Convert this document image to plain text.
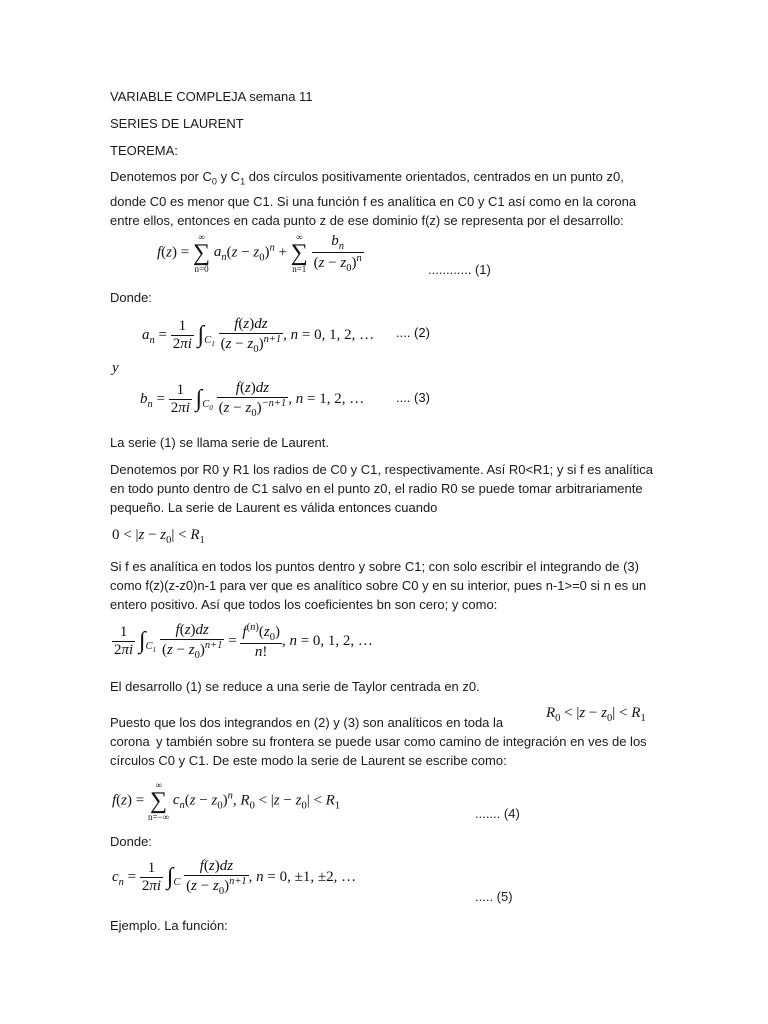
VARIABLE COMPLEJA semana 11

SERIES DE LAURENT

TEOREMA:

Denotemos por $C_0$ y $C_1$ dos círculos positivamente orientados, centrados en un punto z0, donde C0 es menor que C1. Si una función f es analítica en C0 y C1 así como en la corona entre ellos, entonces en cada punto z de ese dominio f(z) se representa por el desarrollo:

f(z) =
∞
∑
n=0
$a_n(z - z_0)^n$ +
∞
∑
n=1
$\frac{b_n}{(z - z_0)^n}$	............ (1)

Donde:

$a_n = \frac{1}{2\pi i} \int_{C_1} \frac{f(z)dz}{(z - z_0)^{n+1}}$ , n = 0, 1, 2, … .... (2)
y
$b_n = \frac{1}{2\pi i} \int_{C_0} \frac{f(z)dz}{(z - z_0)^{-n+1}}$ , n = 1, 2, … .... (3)

La serie (1) se llama serie de Laurent.

Denotemos por R0 y R1 los radios de C0 y C1, respectivamente. Así R0<R1; y si f es analítica en todo punto dentro de C1 salvo en el punto z0, el radio R0 se puede tomar arbitrariamente pequeño. La serie de Laurent es válida entonces cuando

$0 < |z - z_0| < R_1$

Si f es analítica en todos los puntos dentro y sobre C1; con solo escribir el integrando de (3) como f(z)(z-z0)n-1 para ver que es analítico sobre C0 y en su interior, pues n-1>=0 si n es un entero positivo. Así que todos los coeficientes bn son cero; y como:

$\frac{1}{2\pi i} \int_{C_1} \frac{f(z)dz}{(z - z_0)^{n+1}} = \frac{f^{(n)}(z_0)}{n!}$ , n = 0, 1, 2, …

El desarrollo (1) se reduce a una serie de Taylor centrada en z0.

Puesto que los dos integrandos en (2) y (3) son analíticos en toda la corona

$R_0 < |z - z_0| < R_1$

y también sobre su frontera se puede usar como camino de integración en ves de los círculos C0 y C1. De este modo la serie de Laurent se escribe como:

f(z) =
∞
∑
n=−∞
$c_n(z - z_0)^n$, $R_0 < |z - z_0| < R_1$
....... (4)

Donde:

$c_n = \frac{1}{2\pi i} \int_C \frac{f(z)dz}{(z - z_0)^{n+1}}$ , n = 0, ±1, ±2, …
..... (5)

Ejemplo. La función:
